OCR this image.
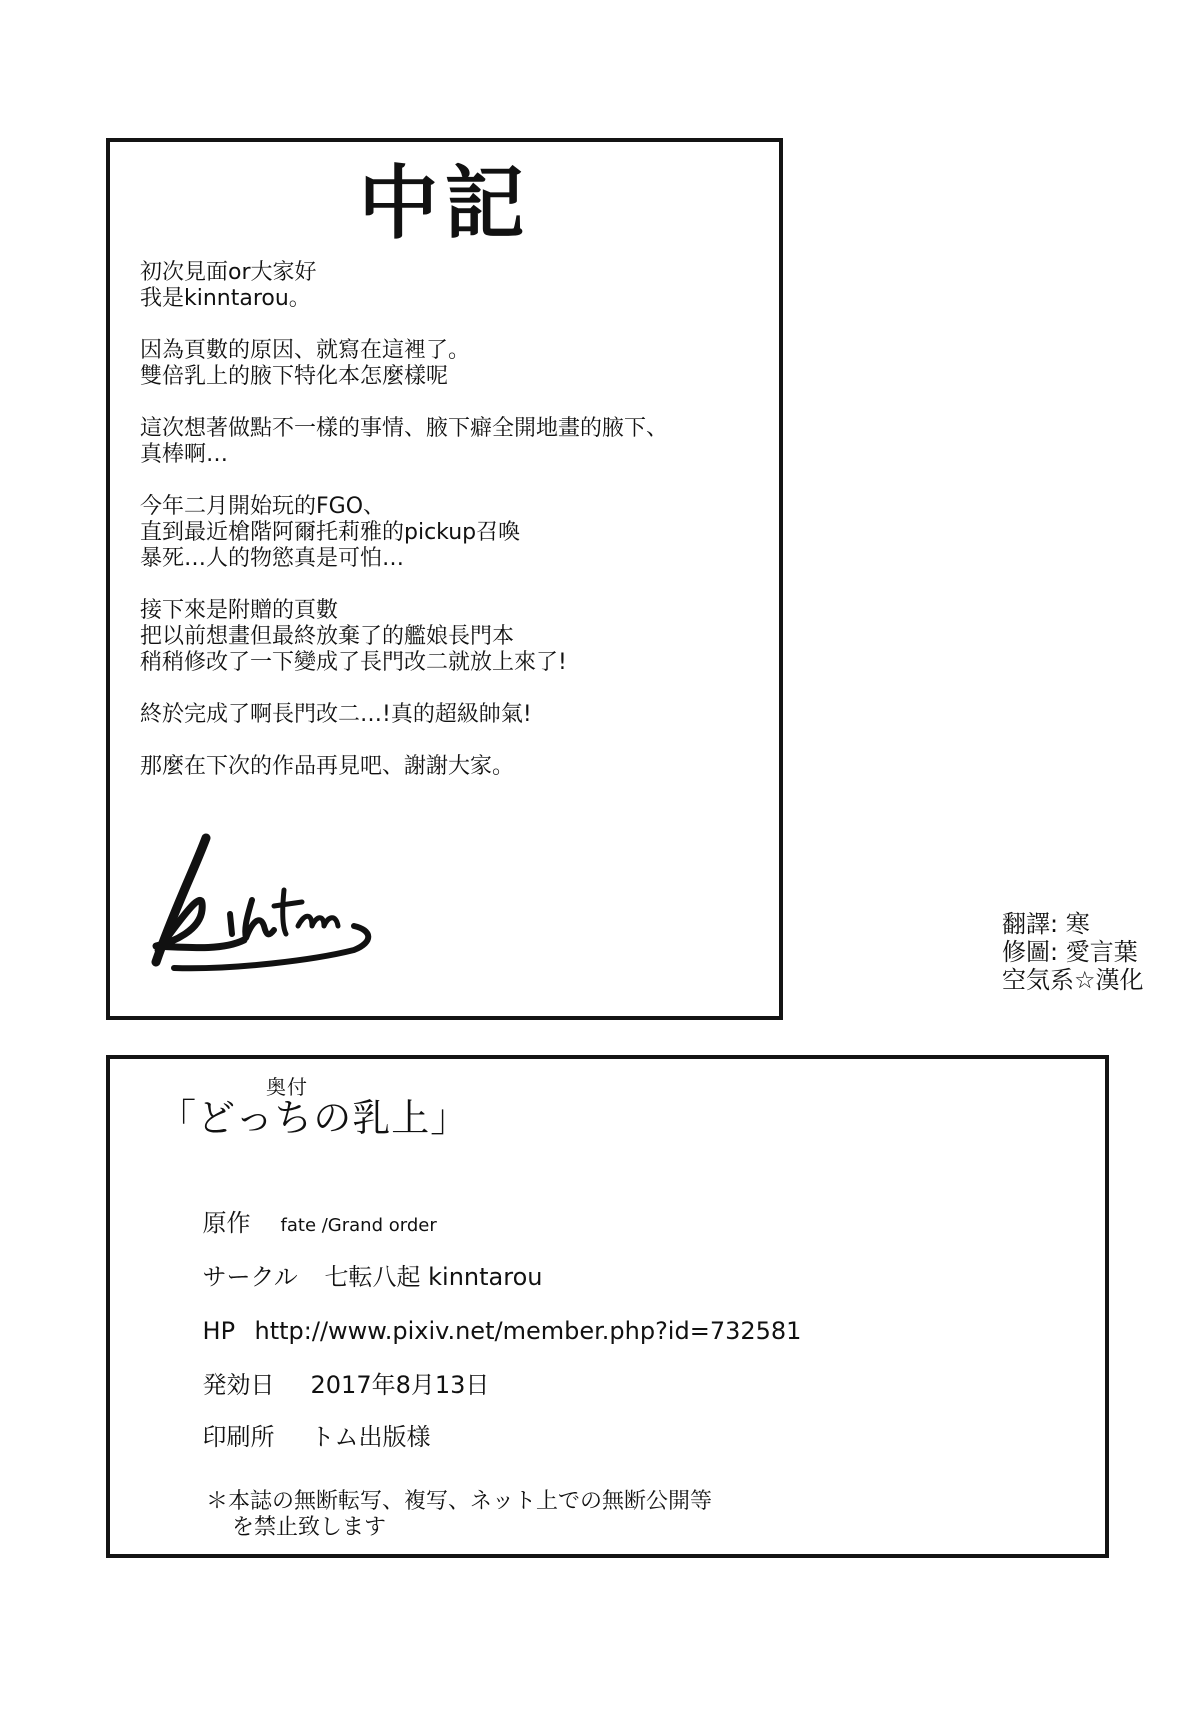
中記
初次見面or大家好
我是kinntarou。
因為頁數的原因、就寫在這裡了。
雙倍乳上的腋下特化本怎麼樣呢
這次想著做點不一樣的事情、腋下癖全開地畫的腋下、
真棒啊…
今年二月開始玩的FGO、
直到最近槍階阿爾托莉雅的pickup召喚
暴死…人的物慾真是可怕…
接下來是附贈的頁數
把以前想畫但最終放棄了的艦娘長門本
稍稍修改了一下變成了長門改二就放上來了!
終於完成了啊長門改二…!真的超級帥氣!
那麼在下次的作品再見吧、謝謝大家。
翻譯: 寒
修圖: 愛言葉
空気系☆漢化
奥付
「どっちの乳上」

原作 fate /Grand order

サークル 七転八起 kinntarou

HP http://www.pixiv.net/member.php?id=732581

発効日 2017年8月13日

印刷所 トム出版様

＊本誌の無断転写、複写、ネット上での無断公開等
を禁止致します
